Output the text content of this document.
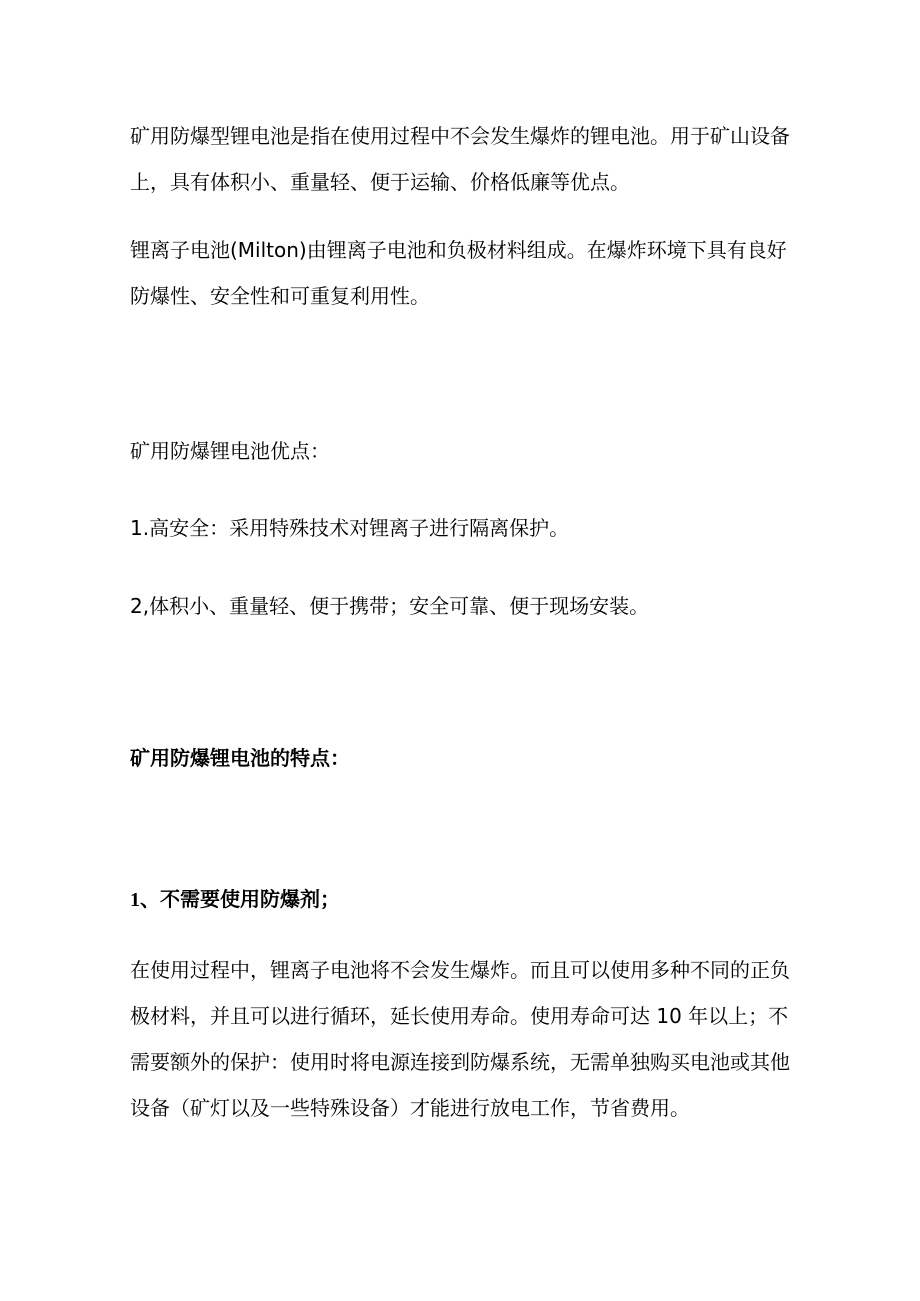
矿用防爆型锂电池是指在使用过程中不会发生爆炸的锂电池。用于矿山设备
上，具有体积小、重量轻、便于运输、价格低廉等优点。

锂离子电池(Milton)由锂离子电池和负极材料组成。在爆炸环境下具有良好
防爆性、安全性和可重复利用性。

矿用防爆锂电池优点：

1.高安全：采用特殊技术对锂离子进行隔离保护。

2,体积小、重量轻、便于携带；安全可靠、便于现场安装。

矿用防爆锂电池的特点：

1、不需要使用防爆剂；

在使用过程中，锂离子电池将不会发生爆炸。而且可以使用多种不同的正负
极材料，并且可以进行循环，延长使用寿命。使用寿命可达 10 年以上；不
需要额外的保护：使用时将电源连接到防爆系统，无需单独购买电池或其他
设备（矿灯以及一些特殊设备）才能进行放电工作，节省费用。
